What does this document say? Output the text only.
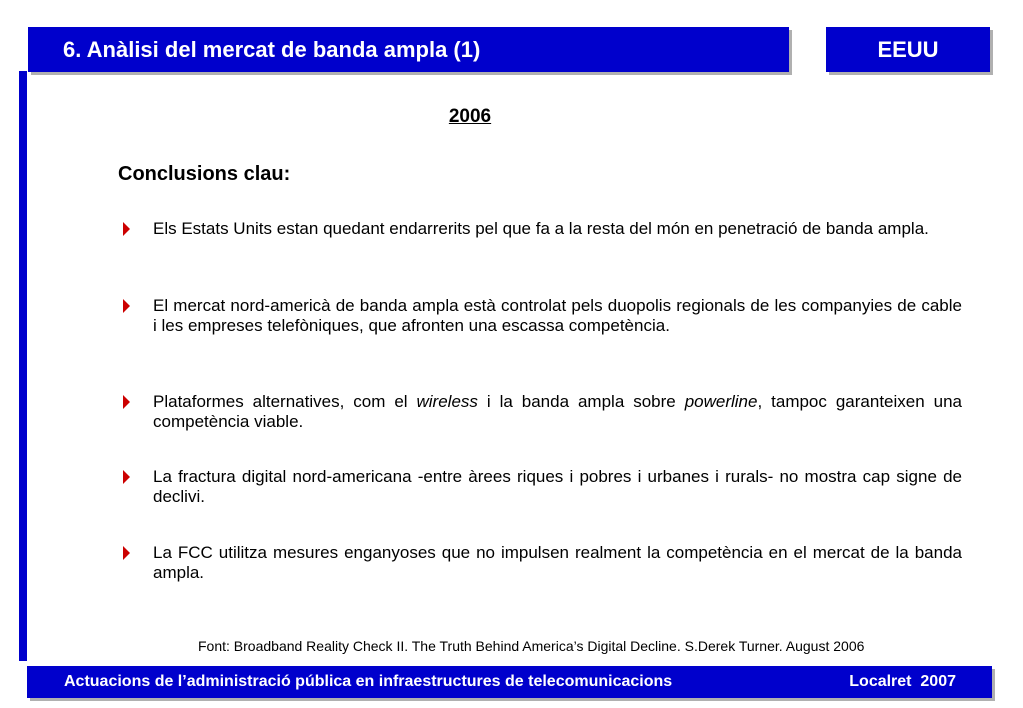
6. Anàlisi del mercat de banda ampla (1)	EEUU
2006
Conclusions clau:
Els Estats Units estan quedant endarrerits pel que fa a la resta del món en penetració de banda ampla.
El mercat nord-americà de banda ampla està controlat pels duopolis regionals de les companyies de cable i les empreses telefòniques, que afronten una escassa competència.
Plataformes alternatives, com el wireless i la banda ampla sobre powerline, tampoc garanteixen una competència viable.
La fractura digital nord-americana -entre àrees riques i pobres i urbanes i rurals- no mostra cap signe de declivi.
La FCC utilitza mesures enganyoses que no impulsen realment la competència en el mercat de la banda ampla.
Font: Broadband Reality Check II. The Truth Behind America’s Digital Decline. S.Derek Turner. August 2006
Actuacions de l’administració pública en infraestructures de telecomunicacions	Localret  2007
